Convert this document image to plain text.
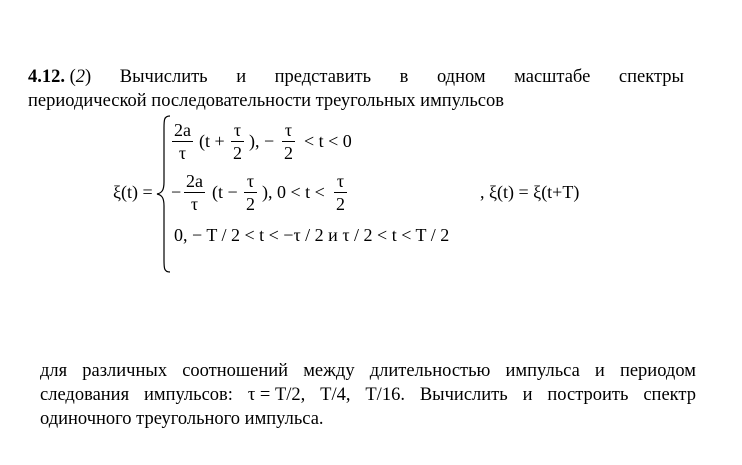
4.12. (2) Вычислить и представить в одном масштабе спектры
периодической последовательности треугольных импульсов
ξ(t) =
2a
τ
(t +
τ
2
), −
τ
2
< t < 0
−
2a
τ
(t −
τ
2
), 0 < t <
τ
2
0, − T / 2 < t < −τ / 2 и τ / 2 < t < T / 2
, ξ(t) = ξ(t+T)
для различных соотношений между длительностью импульса и периодом
следования импульсов: τ = T/2, T/4, T/16. Вычислить и построить спектр
одиночного треугольного импульса.
